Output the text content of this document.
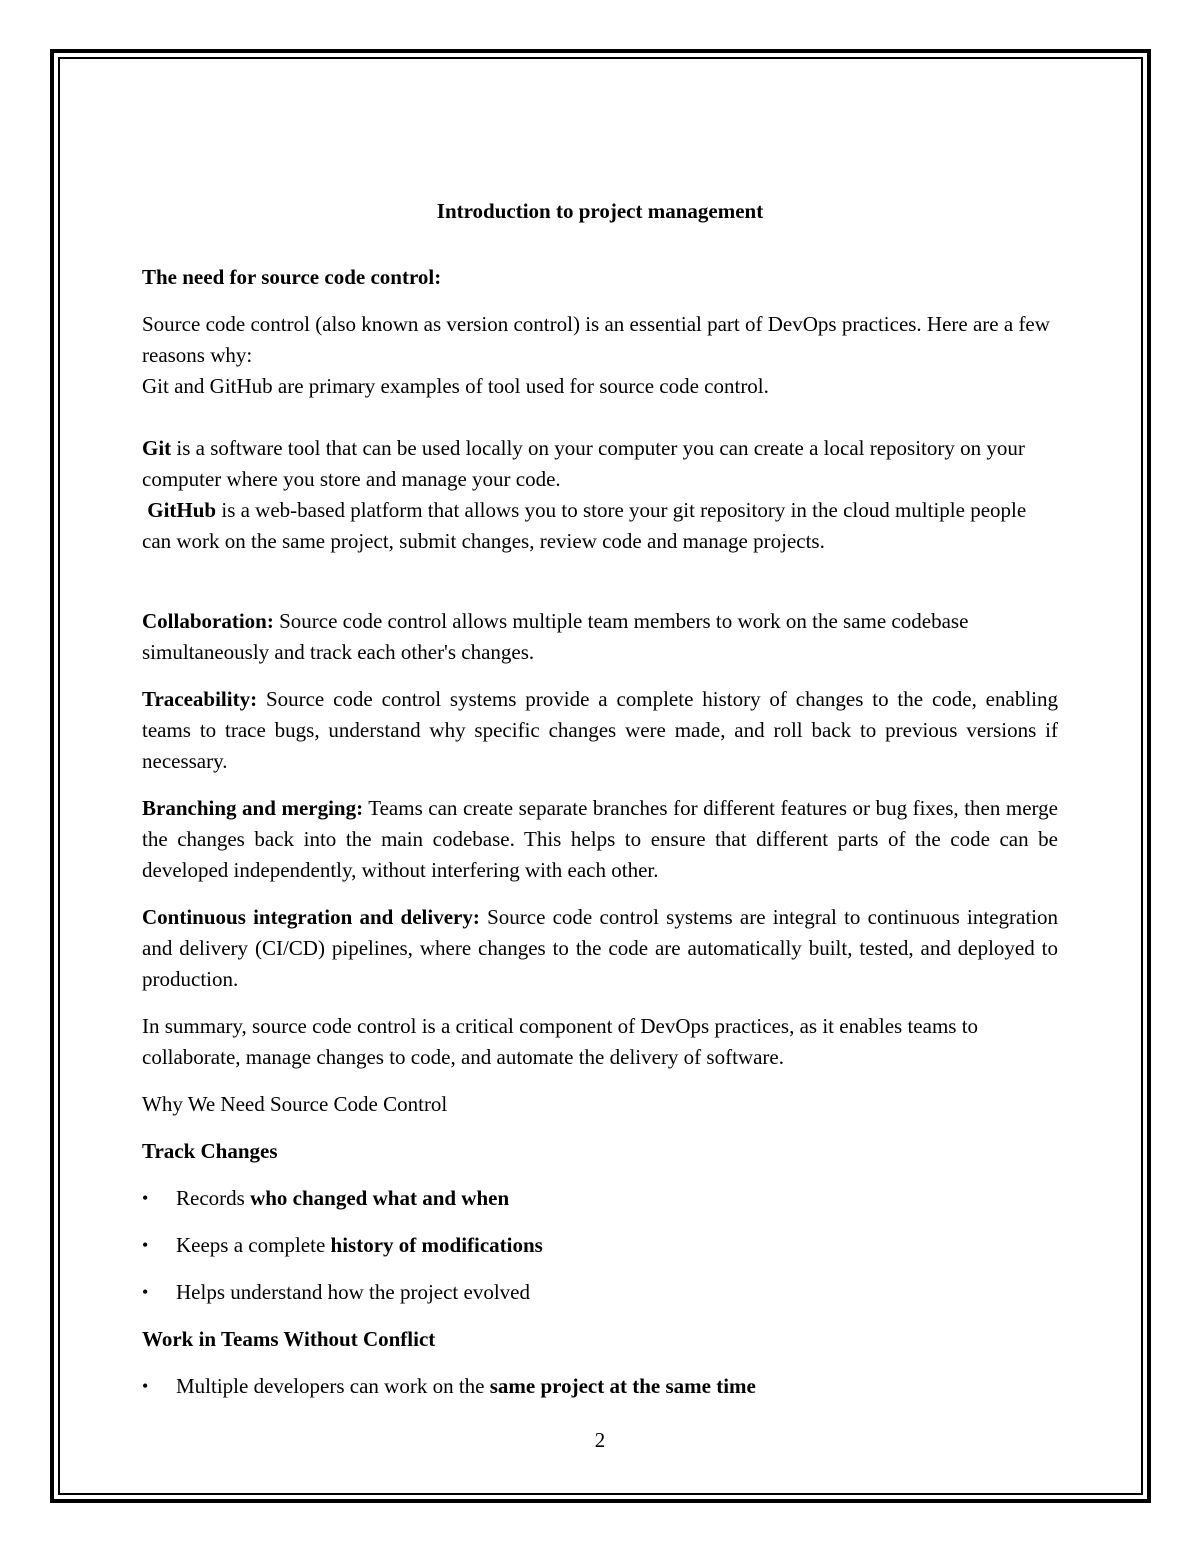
Introduction to project management
The need for source code control:
Source code control (also known as version control) is an essential part of DevOps practices. Here are a few reasons why:
Git and GitHub are primary examples of tool used for source code control.
Git is a software tool that can be used locally on your computer you can create a local repository on your computer where you store and manage your code.
GitHub is a web-based platform that allows you to store your git repository in the cloud multiple people can work on the same project, submit changes, review code and manage projects.

Collaboration: Source code control allows multiple team members to work on the same codebase simultaneously and track each other's changes.

Traceability: Source code control systems provide a complete history of changes to the code, enabling teams to trace bugs, understand why specific changes were made, and roll back to previous versions if necessary.

Branching and merging: Teams can create separate branches for different features or bug fixes, then merge the changes back into the main codebase. This helps to ensure that different parts of the code can be developed independently, without interfering with each other.

Continuous integration and delivery: Source code control systems are integral to continuous integration and delivery (CI/CD) pipelines, where changes to the code are automatically built, tested, and deployed to production.

In summary, source code control is a critical component of DevOps practices, as it enables teams to collaborate, manage changes to code, and automate the delivery of software.

Why We Need Source Code Control

Track Changes
• Records who changed what and when
• Keeps a complete history of modifications
• Helps understand how the project evolved
Work in Teams Without Conflict
• Multiple developers can work on the same project at the same time
2
